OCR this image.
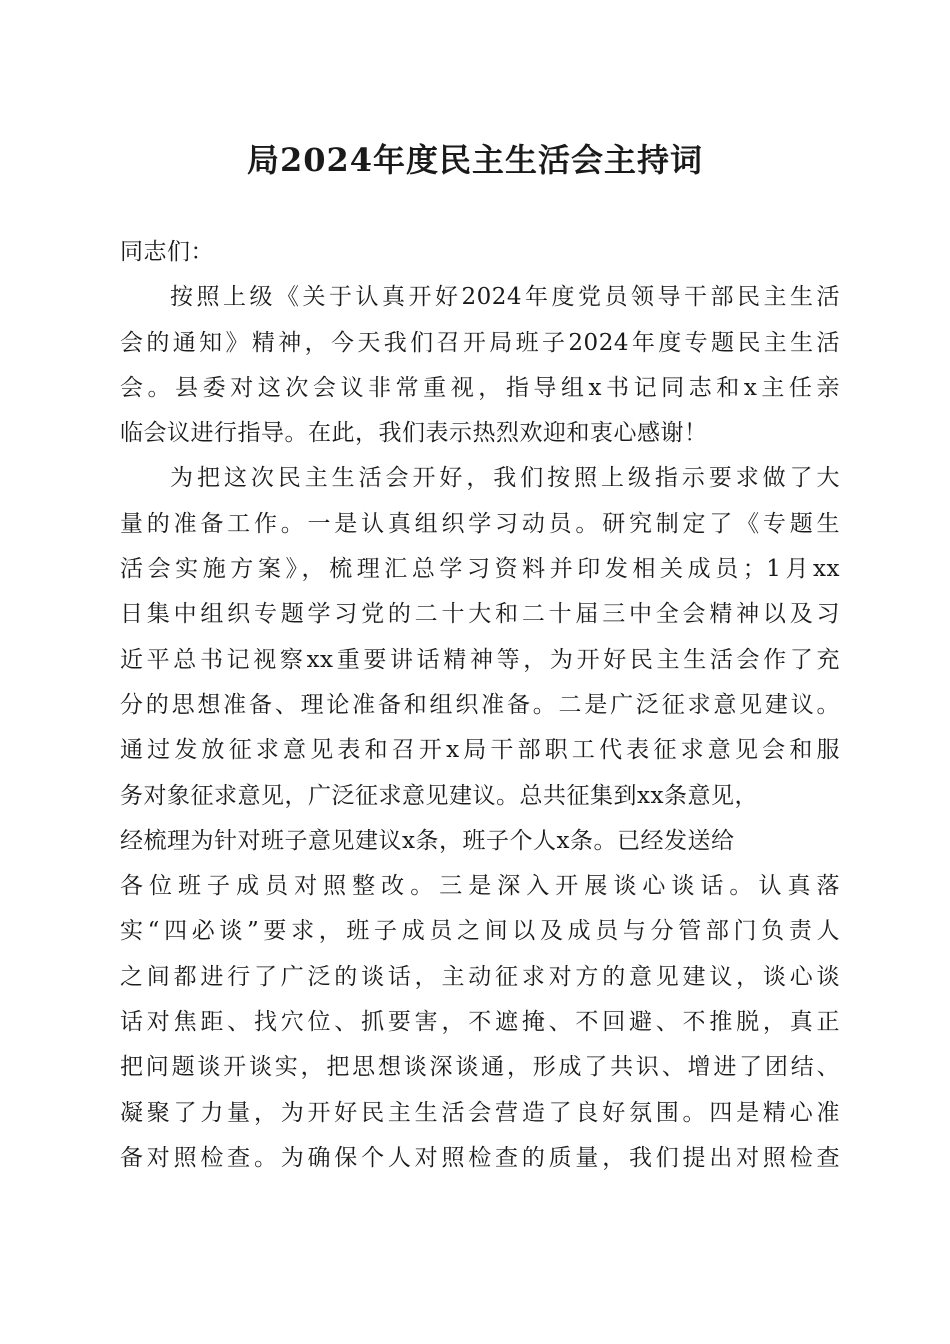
局2024年度民主生活会主持词
同志们：
按照上级《关于认真开好2024年度党员领导干部民主生活
会的通知》精神，今天我们召开局班子2024年度专题民主生活
会。县委对这次会议非常重视，指导组x书记同志和x主任亲
临会议进行指导。在此，我们表示热烈欢迎和衷心感谢！
为把这次民主生活会开好，我们按照上级指示要求做了大
量的准备工作。一是认真组织学习动员。研究制定了《专题生
活会实施方案》，梳理汇总学习资料并印发相关成员；1月xx
日集中组织专题学习党的二十大和二十届三中全会精神以及习
近平总书记视察xx重要讲话精神等，为开好民主生活会作了充
分的思想准备、理论准备和组织准备。二是广泛征求意见建议。
通过发放征求意见表和召开x局干部职工代表征求意见会和服
务对象征求意见，广泛征求意见建议。总共征集到xx条意见，
经梳理为针对班子意见建议x条，班子个人x条。已经发送给
各位班子成员对照整改。三是深入开展谈心谈话。认真落
实“四必谈”要求，班子成员之间以及成员与分管部门负责人
之间都进行了广泛的谈话，主动征求对方的意见建议，谈心谈
话对焦距、找穴位、抓要害，不遮掩、不回避、不推脱，真正
把问题谈开谈实，把思想谈深谈通，形成了共识、增进了团结、
凝聚了力量，为开好民主生活会营造了良好氛围。四是精心准
备对照检查。为确保个人对照检查的质量，我们提出对照检查
